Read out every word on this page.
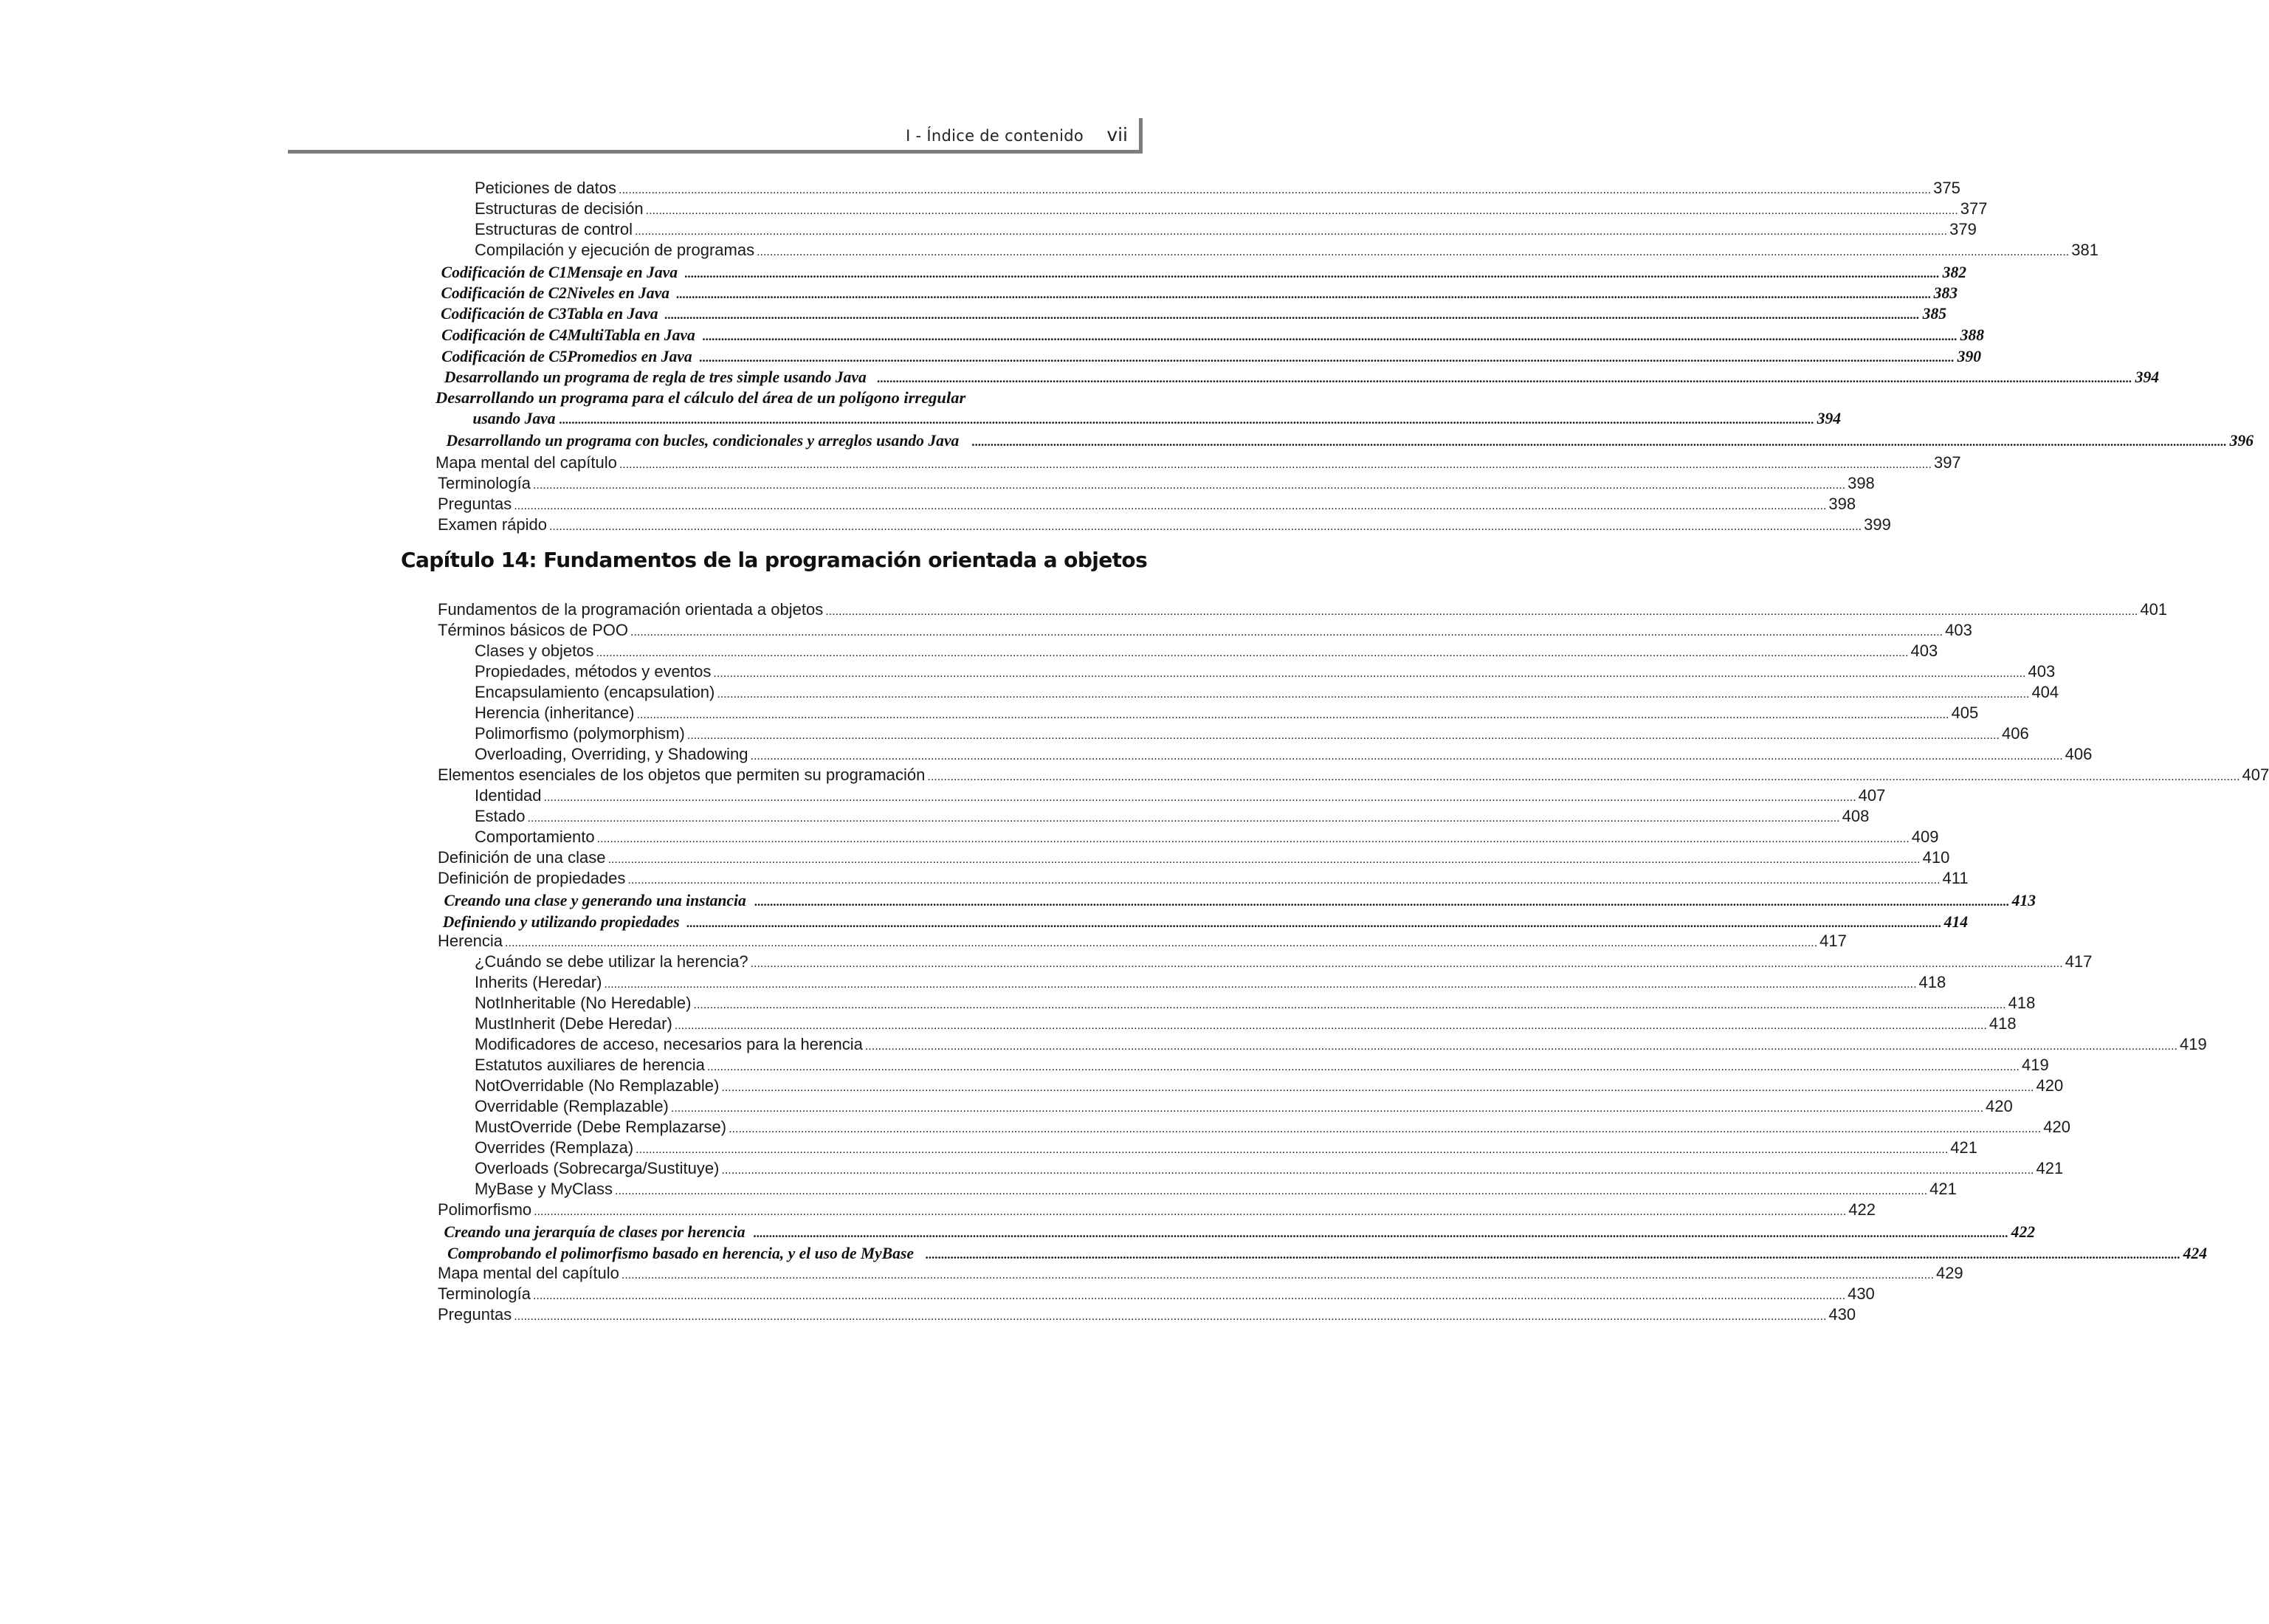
I - Índice de contenido vii
Capítulo 14: Fundamentos de la programación orientada a objetos
Peticiones de datos ................................................................................................................................................................................................................................................................................................................................................................................................................ 375
Estructuras de decisión ................................................................................................................................................................................................................................................................................................................................................................................................................ 377
Estructuras de control ................................................................................................................................................................................................................................................................................................................................................................................................................ 379
Compilación y ejecución de programas ................................................................................................................................................................................................................................................................................................................................................................................................................ 381
Codificación de C1Mensaje en Java ................................................................................................................................................................................................................................................................................................................................................................................................................ 382
Codificación de C2Niveles en Java ................................................................................................................................................................................................................................................................................................................................................................................................................ 383
Codificación de C3Tabla en Java ................................................................................................................................................................................................................................................................................................................................................................................................................ 385
Codificación de C4MultiTabla en Java ................................................................................................................................................................................................................................................................................................................................................................................................................ 388
Codificación de C5Promedios en Java ................................................................................................................................................................................................................................................................................................................................................................................................................ 390
Desarrollando un programa de regla de tres simple usando Java ................................................................................................................................................................................................................................................................................................................................................................................................................ 394
Desarrollando un programa para el cálculo del área de un polígono irregular
usando Java ................................................................................................................................................................................................................................................................................................................................................................................................................ 394
Desarrollando un programa con bucles, condicionales y arreglos usando Java ................................................................................................................................................................................................................................................................................................................................................................................................................ 396
Mapa mental del capítulo ................................................................................................................................................................................................................................................................................................................................................................................................................ 397
Terminología ................................................................................................................................................................................................................................................................................................................................................................................................................ 398
Preguntas ................................................................................................................................................................................................................................................................................................................................................................................................................ 398
Examen rápido ................................................................................................................................................................................................................................................................................................................................................................................................................ 399
Fundamentos de la programación orientada a objetos ................................................................................................................................................................................................................................................................................................................................................................................................................ 401
Términos básicos de POO ................................................................................................................................................................................................................................................................................................................................................................................................................ 403
Clases y objetos ................................................................................................................................................................................................................................................................................................................................................................................................................ 403
Propiedades, métodos y eventos ................................................................................................................................................................................................................................................................................................................................................................................................................ 403
Encapsulamiento (encapsulation) ................................................................................................................................................................................................................................................................................................................................................................................................................ 404
Herencia (inheritance) ................................................................................................................................................................................................................................................................................................................................................................................................................ 405
Polimorfismo (polymorphism) ................................................................................................................................................................................................................................................................................................................................................................................................................ 406
Overloading, Overriding, y Shadowing ................................................................................................................................................................................................................................................................................................................................................................................................................ 406
Elementos esenciales de los objetos que permiten su programación ................................................................................................................................................................................................................................................................................................................................................................................................................ 407
Identidad ................................................................................................................................................................................................................................................................................................................................................................................................................ 407
Estado ................................................................................................................................................................................................................................................................................................................................................................................................................ 408
Comportamiento ................................................................................................................................................................................................................................................................................................................................................................................................................ 409
Definición de una clase ................................................................................................................................................................................................................................................................................................................................................................................................................ 410
Definición de propiedades ................................................................................................................................................................................................................................................................................................................................................................................................................ 411
Creando una clase y generando una instancia ................................................................................................................................................................................................................................................................................................................................................................................................................ 413
Definiendo y utilizando propiedades ................................................................................................................................................................................................................................................................................................................................................................................................................ 414
Herencia ................................................................................................................................................................................................................................................................................................................................................................................................................ 417
¿Cuándo se debe utilizar la herencia? ................................................................................................................................................................................................................................................................................................................................................................................................................ 417
Inherits (Heredar) ................................................................................................................................................................................................................................................................................................................................................................................................................ 418
NotInheritable (No Heredable) ................................................................................................................................................................................................................................................................................................................................................................................................................ 418
MustInherit (Debe Heredar) ................................................................................................................................................................................................................................................................................................................................................................................................................ 418
Modificadores de acceso, necesarios para la herencia ................................................................................................................................................................................................................................................................................................................................................................................................................ 419
Estatutos auxiliares de herencia ................................................................................................................................................................................................................................................................................................................................................................................................................ 419
NotOverridable (No Remplazable) ................................................................................................................................................................................................................................................................................................................................................................................................................ 420
Overridable (Remplazable) ................................................................................................................................................................................................................................................................................................................................................................................................................ 420
MustOverride (Debe Remplazarse) ................................................................................................................................................................................................................................................................................................................................................................................................................ 420
Overrides (Remplaza) ................................................................................................................................................................................................................................................................................................................................................................................................................ 421
Overloads (Sobrecarga/Sustituye) ................................................................................................................................................................................................................................................................................................................................................................................................................ 421
MyBase y MyClass ................................................................................................................................................................................................................................................................................................................................................................................................................ 421
Polimorfismo ................................................................................................................................................................................................................................................................................................................................................................................................................ 422
Creando una jerarquía de clases por herencia ................................................................................................................................................................................................................................................................................................................................................................................................................ 422
Comprobando el polimorfismo basado en herencia, y el uso de MyBase ................................................................................................................................................................................................................................................................................................................................................................................................................ 424
Mapa mental del capítulo ................................................................................................................................................................................................................................................................................................................................................................................................................ 429
Terminología ................................................................................................................................................................................................................................................................................................................................................................................................................ 430
Preguntas ................................................................................................................................................................................................................................................................................................................................................................................................................ 430
